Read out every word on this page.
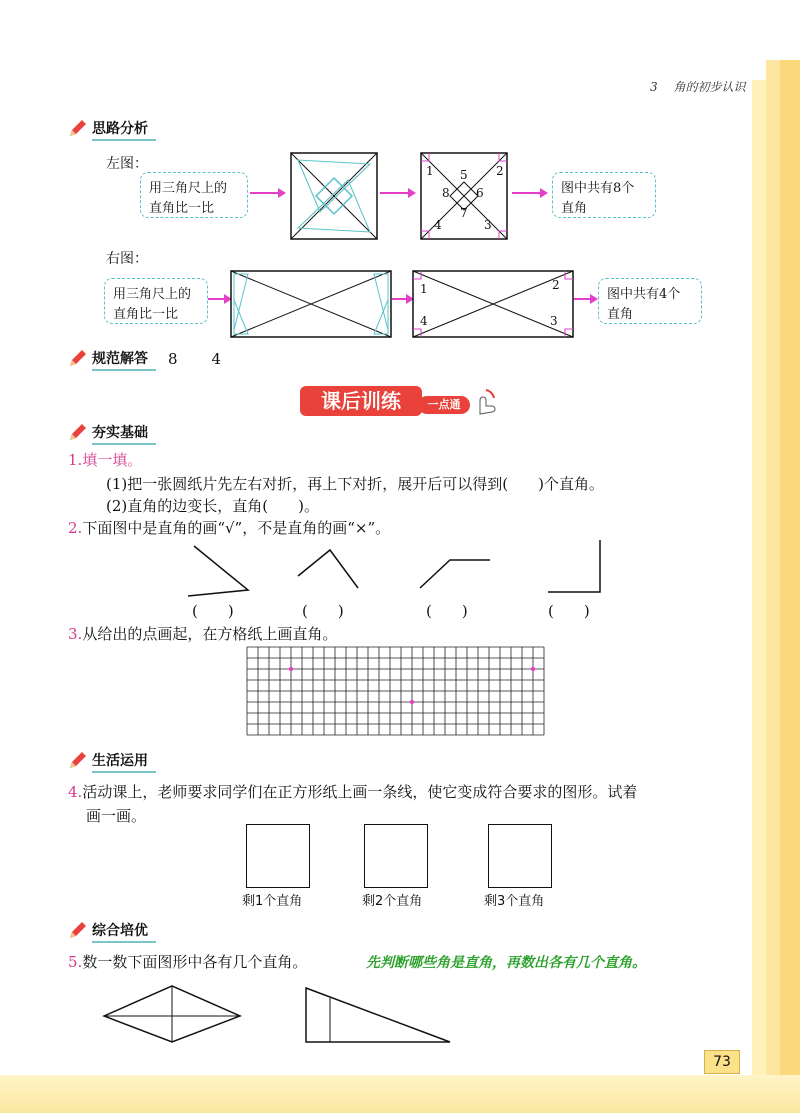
3 角的初步认识
思路分析
左图：
用三角尺上的直角比一比
1	2
3
4
5
6
7
8	图中共有8个直角
右图：
用三角尺上的直角比一比
1	2
3
4
图中共有4个直角
规范解答	8 4
课后训练	一点通
夯实基础
1.填一填。
(1)把一张圆纸片先左右对折，再上下对折，展开后可以得到(　　)个直角。
(2)直角的边变长，直角(　　)。
2.下面图中是直角的画“√”，不是直角的画“×”。
(　　)	(　　)	(　　)	(　　)
3.从给出的点画起，在方格纸上画直角。
生活运用
4.活动课上，老师要求同学们在正方形纸上画一条线，使它变成符合要求的图形。试着
画一画。
剩1个直角	剩2个直角	剩3个直角
综合培优
5.数一数下面图形中各有几个直角。	先判断哪些角是直角，再数出各有几个直角。
73
